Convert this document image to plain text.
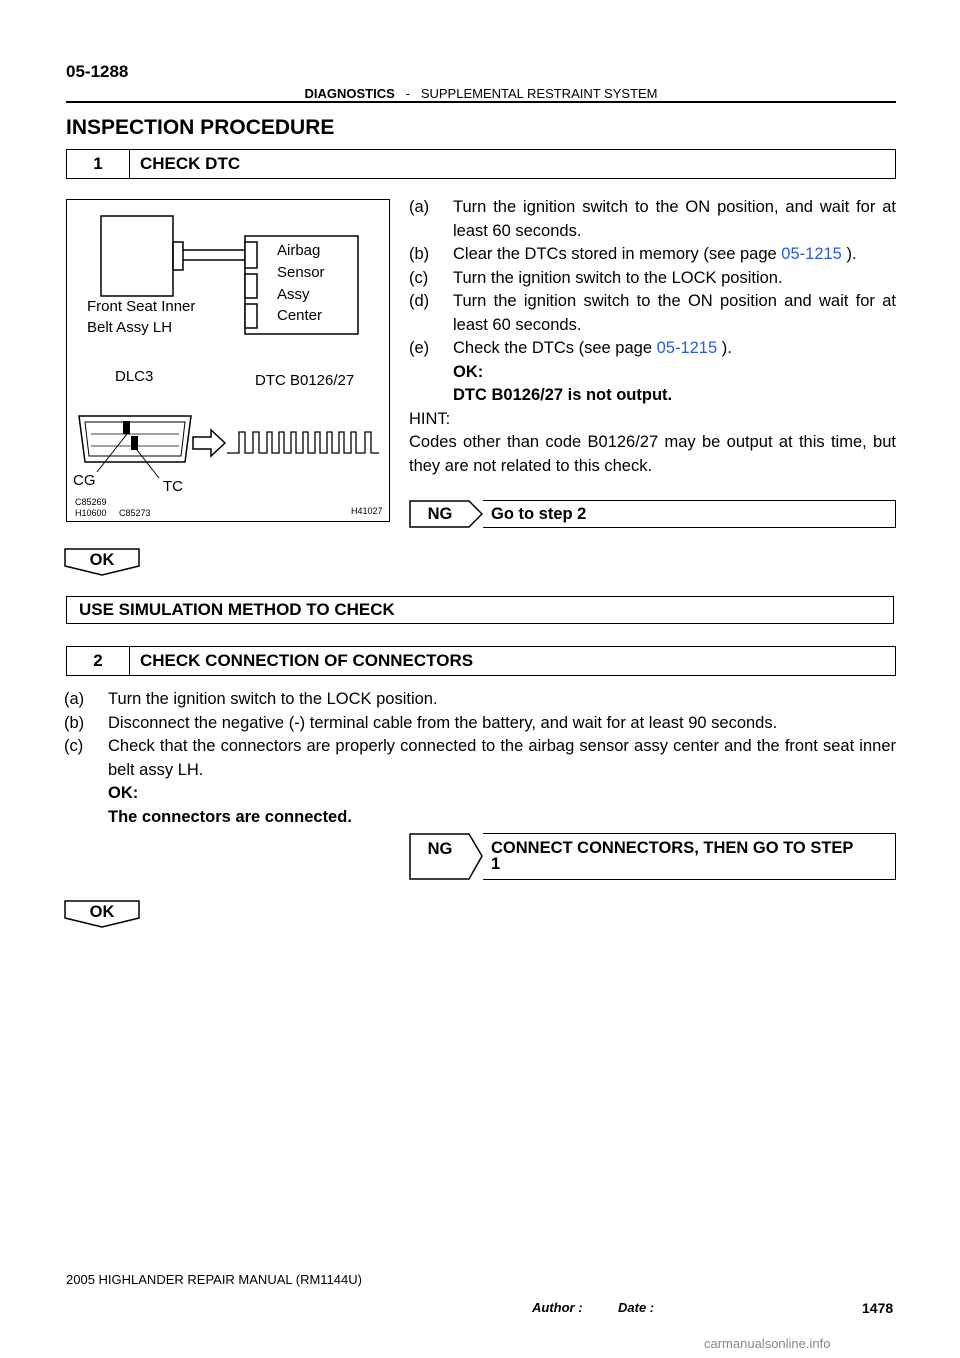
05-1288
DIAGNOSTICS - SUPPLEMENTAL RESTRAINT SYSTEM
INSPECTION PROCEDURE
1	CHECK DTC
Front Seat Inner
Belt Assy LH
Airbag
Sensor
Assy
Center
DLC3	DTC B0126/27
CG	TC
C85269
H10600 C85273	H41027
(a)	Turn the ignition switch to the ON position, and wait for at least 60 seconds.
(b)	Clear the DTCs stored in memory (see page 05-1215 ).
(c)	Turn the ignition switch to the LOCK position.
(d)	Turn the ignition switch to the ON position and wait for at least 60 seconds.
(e)	Check the DTCs (see page 05-1215 ).
OK:
DTC B0126/27 is not output.
HINT:
Codes other than code B0126/27 may be output at this time, but they are not related to this check.
NG	Go to step 2
OK
USE SIMULATION METHOD TO CHECK
2	CHECK CONNECTION OF CONNECTORS
(a)	Turn the ignition switch to the LOCK position.
(b)	Disconnect the negative (-) terminal cable from the battery, and wait for at least 90 seconds.
(c)	Check that the connectors are properly connected to the airbag sensor assy center and the front seat inner belt assy LH.
OK:
The connectors are connected.
NG	CONNECT CONNECTORS, THEN GO TO STEP
1
OK
2005 HIGHLANDER REPAIR MANUAL (RM1144U)
Author :	Date :	1478
carmanualsonline.info
